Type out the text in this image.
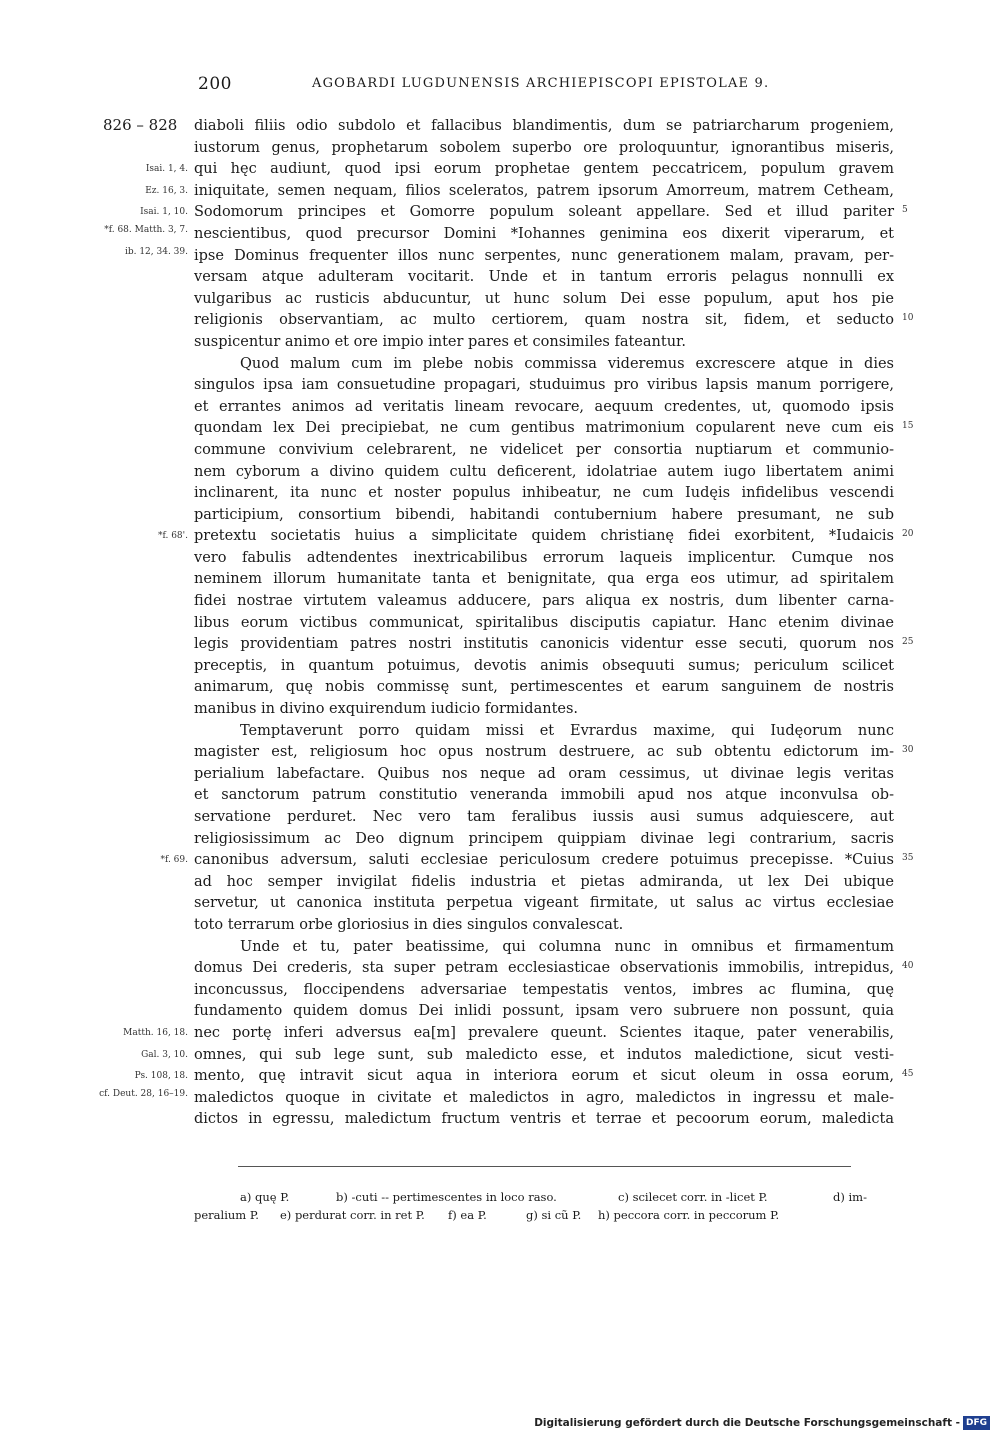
200	AGOBARDI LUGDUNENSIS ARCHIEPISCOPI EPISTOLAE 9.
826 – 828 diaboli filiis odio subdolo et fallacibus blandimentis, dum se patriarcharum progeniem,
iustorum genus, prophetarum sobolem superbo ore proloquuntur, ignorantibus miseris,
qui hęc audiunt, quod ipsi eorum prophetae gentem peccatricem, populum gravem
Isai. 1, 4.
iniquitate, semen nequam, filios sceleratos, patrem ipsorum Amorreum, matrem Cetheam,
Ez. 16, 3.
Sodomorum principes et Gomorre populum soleant appellare. Sed et illud pariter
Isai. 1, 10.	5
nescientibus, quod precursor Domini *Iohannes genimina eos dixerit viperarum, et
*f. 68. Matth. 3, 7.
ipse Dominus frequenter illos nunc serpentes, nunc generationem malam, pravam, per-
ib. 12, 34. 39.
versam atque adulteram vocitarit. Unde et in tantum erroris pelagus nonnulli ex
vulgaribus ac rusticis abducuntur, ut hunc solum Dei esse populum, aput hos pie
religionis observantiam, ac multo certiorem, quam nostra sit, fidem, et seducto 10
suspicentur animo et ore impio inter pares et consimiles fateantur.
Quod malum cum im plebe nobis commissa videremus excrescere atque in dies
singulos ipsa iam consuetudine propagari, studuimus pro viribus lapsis manum porrigere,
et errantes animos ad veritatis lineam revocare, aequum credentes, ut, quomodo ipsis
quondam lex Dei precipiebat, ne cum gentibus matrimonium copularent neve cum eis 15
commune convivium celebrarent, ne videlicet per consortia nuptiarum et communio-
nem cyborum a divino quidem cultu deficerent, idolatriae autem iugo libertatem animi
inclinarent, ita nunc et noster populus inhibeatur, ne cum Iudęis infidelibus vescendi
participium, consortium bibendi, habitandi contubernium habere presumant, ne sub
pretextu societatis huius a simplicitate quidem christianę fidei exorbitent, *Iudaicis
*f. 68'.	20
vero fabulis adtendentes inextricabilibus errorum laqueis implicentur. Cumque nos
neminem illorum humanitate tanta et benignitate, qua erga eos utimur, ad spiritalem
fidei nostrae virtutem valeamus adducere, pars aliqua ex nostris, dum libenter carna-
libus eorum victibus communicat, spiritalibus disciputis capiatur. Hanc etenim divinae
legis providentiam patres nostri institutis canonicis videntur esse secuti, quorum nos 25
preceptis, in quantum potuimus, devotis animis obsequuti sumus; periculum scilicet
animarum, quę nobis commissę sunt, pertimescentes et earum sanguinem de nostris
manibus in divino exquirendum iudicio formidantes.
Temptaverunt porro quidam missi et Evrardus maxime, qui Iudęorum nunc
magister est, religiosum hoc opus nostrum destruere, ac sub obtentu edictorum im- 30
perialium labefactare. Quibus nos neque ad oram cessimus, ut divinae legis veritas
et sanctorum patrum constitutio veneranda immobili apud nos atque inconvulsa ob-
servatione perduret. Nec vero tam feralibus iussis ausi sumus adquiescere, aut
religiosissimum ac Deo dignum principem quippiam divinae legi contrarium, sacris
canonibus adversum, saluti ecclesiae periculosum credere potuimus precepisse. *Cuius
*f. 69.	35
ad hoc semper invigilat fidelis industria et pietas admiranda, ut lex Dei ubique
servetur, ut canonica instituta perpetua vigeant firmitate, ut salus ac virtus ecclesiae
toto terrarum orbe gloriosius in dies singulos convalescat.
Unde et tu, pater beatissime, qui columna nunc in omnibus et firmamentum
domus Dei crederis, sta super petram ecclesiasticae observationis immobilis, intrepidus, 40
inconcussus, floccipendens adversariae tempestatis ventos, imbres ac flumina, quę
fundamento quidem domus Dei inlidi possunt, ipsam vero subruere non possunt, quia
nec portę inferi adversus ea[m] prevalere queunt. Scientes itaque, pater venerabilis,
Matth. 16, 18.
omnes, qui sub lege sunt, sub maledicto esse, et indutos maledictione, sicut vesti-
Gal. 3, 10.
mento, quę intravit sicut aqua in interiora eorum et sicut oleum in ossa eorum,
Ps. 108, 18.	45
maledictos quoque in civitate et maledictos in agro, maledictos in ingressu et male-
cf. Deut. 28, 16–19.
dictos in egressu, maledictum fructum ventris et terrae et pecoorum eorum, maledicta
a) quę P.	b) -cuti -- pertimescentes in loco raso.	c) scilecet corr. in -licet P.	d) im-
peralium P. e) perdurat corr. in ret P. f) ea P.	g) si cũ P. h) peccora corr. in peccorum P.
Digitalisierung gefördert durch die Deutsche Forschungsgemeinschaft - DFG
